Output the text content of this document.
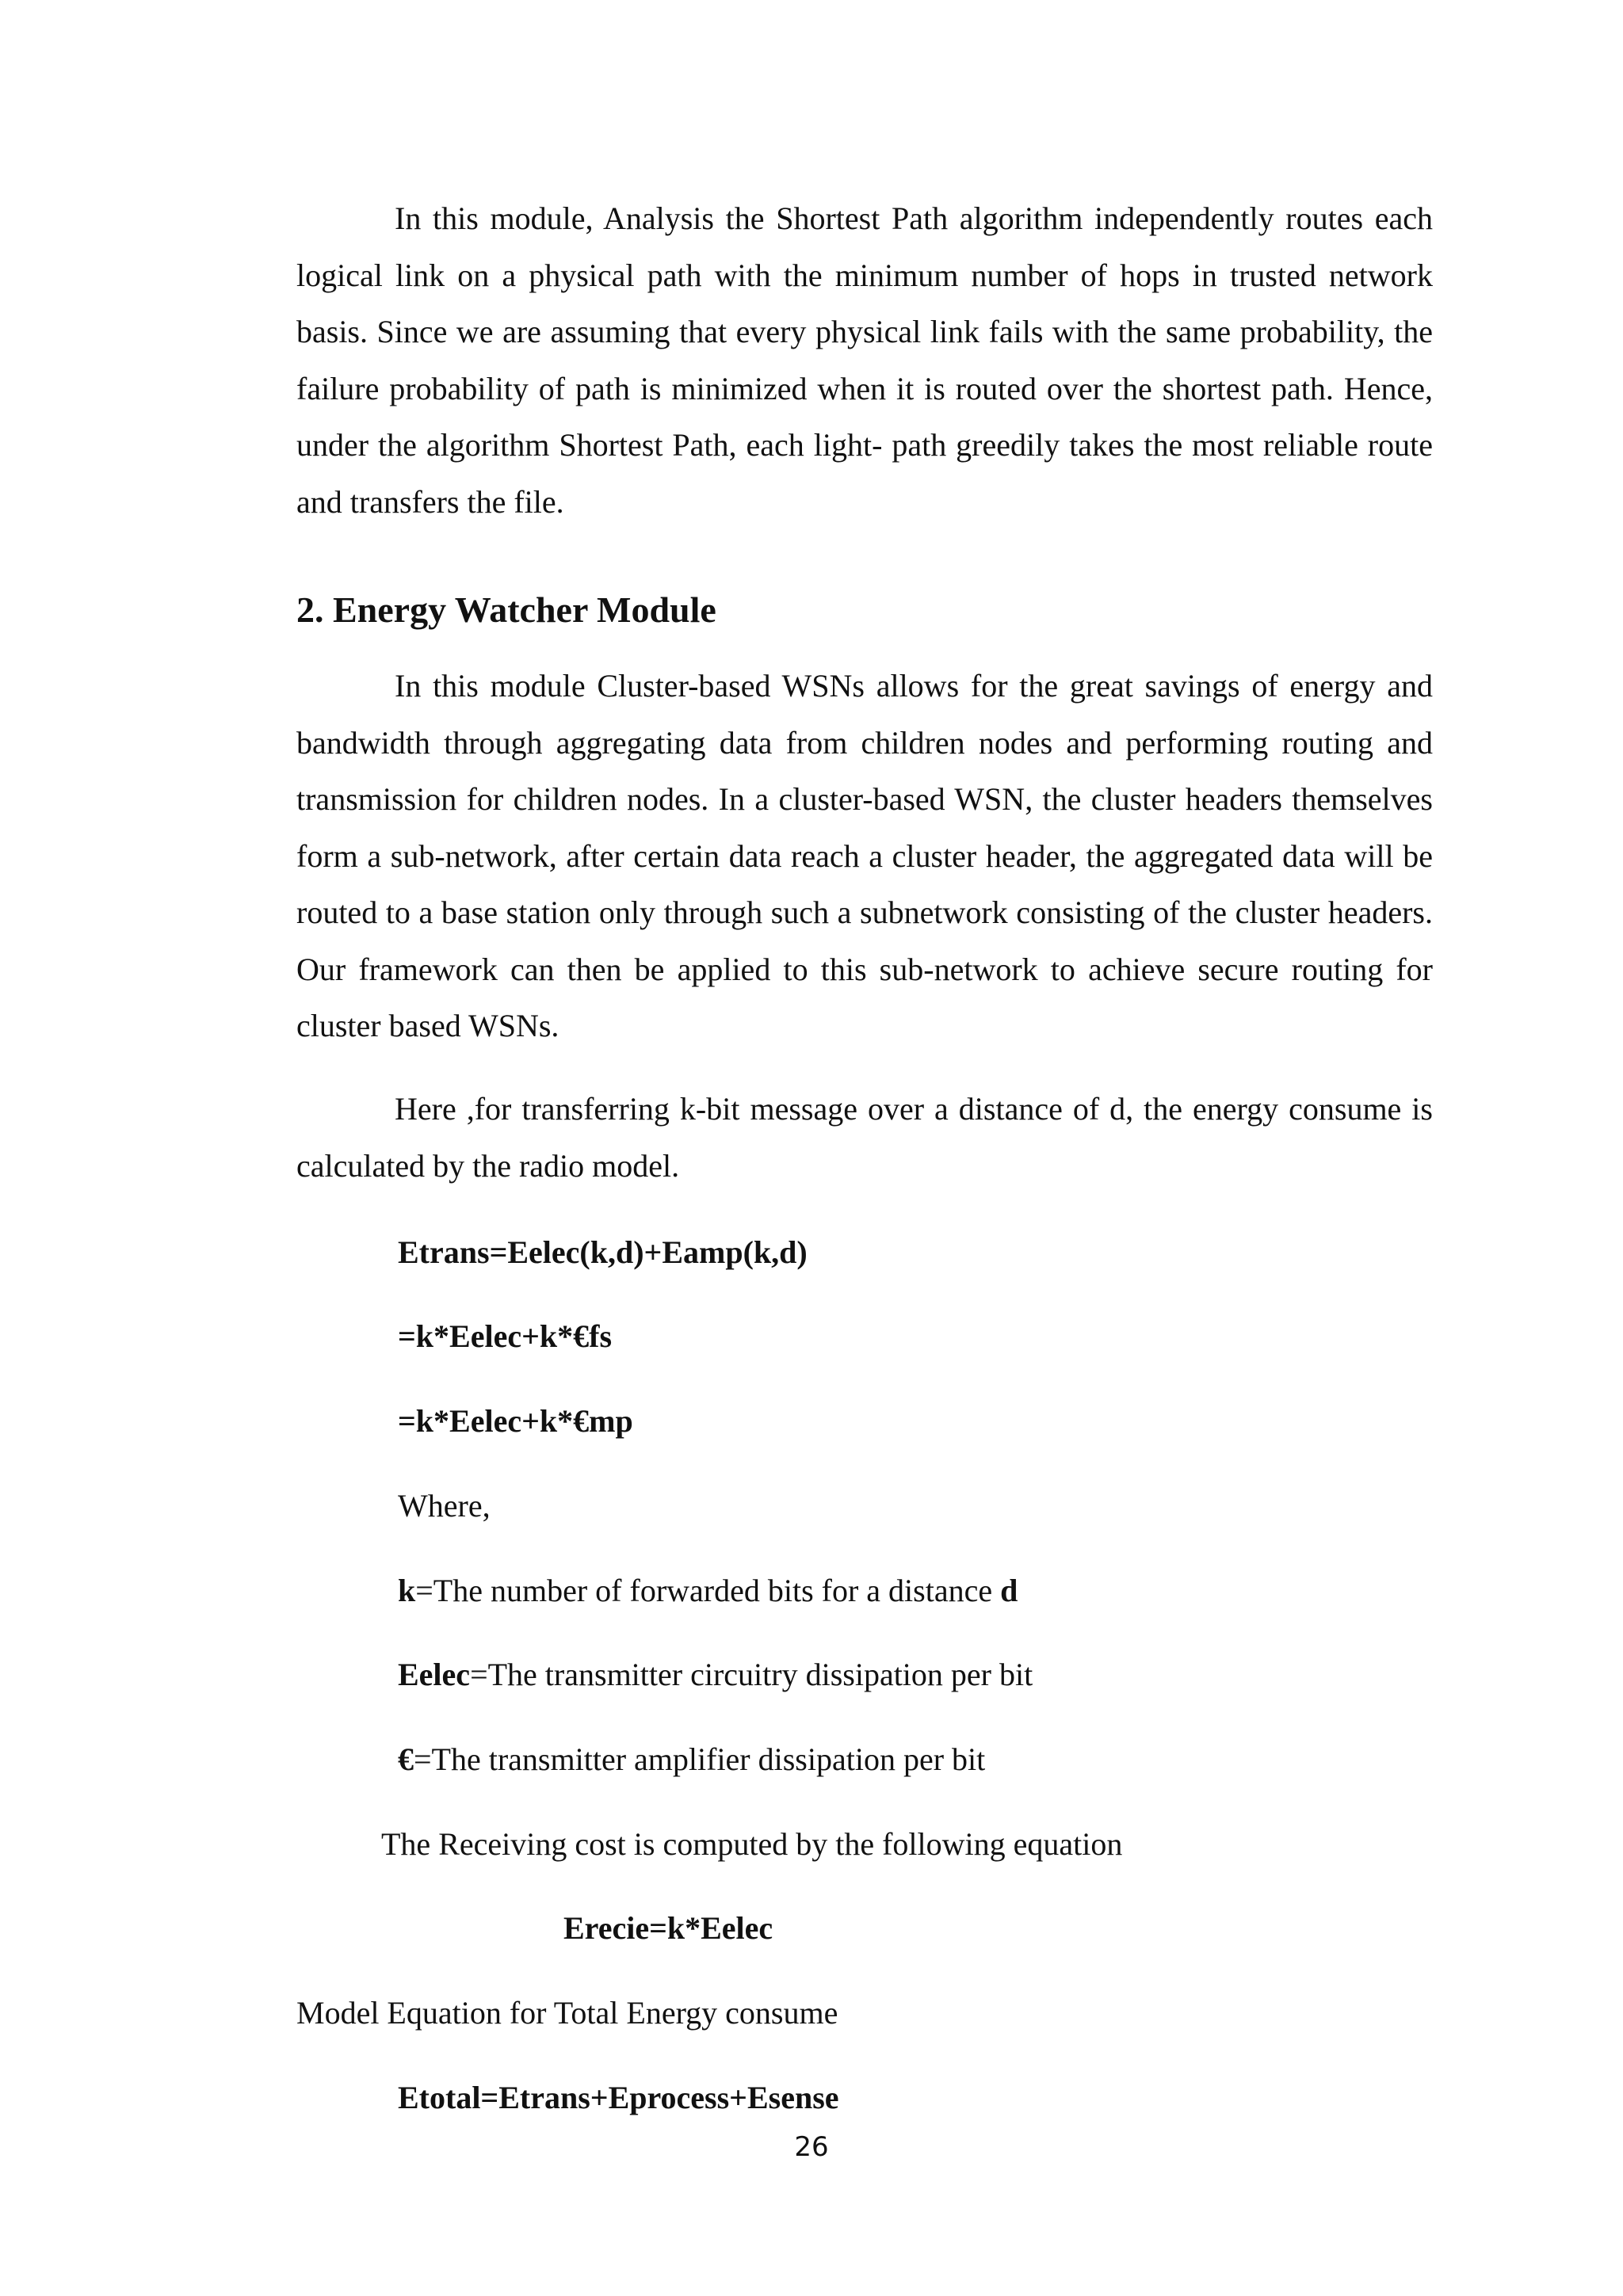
In this module, Analysis the Shortest Path algorithm independently routes each logical link on a physical path with the minimum number of hops in trusted network basis. Since we are assuming that every physical link fails with the same probability, the failure probability of path is minimized when it is routed over the shortest path. Hence, under the algorithm Shortest Path, each light- path greedily takes the most reliable route and transfers the file.

2. Energy Watcher Module

In this module Cluster-based WSNs allows for the great savings of energy and bandwidth through aggregating data from children nodes and performing routing and transmission for children nodes. In a cluster-based WSN, the cluster headers themselves form a sub-network, after certain data reach a cluster header, the aggregated data will be routed to a base station only through such a subnetwork consisting of the cluster headers. Our framework can then be applied to this sub-network to achieve secure routing for cluster based WSNs.

Here ,for transferring k-bit message over a distance of d, the energy consume is calculated by the radio model.

Etrans=Eelec(k,d)+Eamp(k,d)

=k*Eelec+k*€fs

=k*Eelec+k*€mp

Where,

k=The number of forwarded bits for a distance d

Eelec=The transmitter circuitry dissipation per bit

€=The transmitter amplifier dissipation per bit

The Receiving cost is computed by the following equation

Erecie=k*Eelec

Model Equation for Total Energy consume

Etotal=Etrans+Eprocess+Esense

26
